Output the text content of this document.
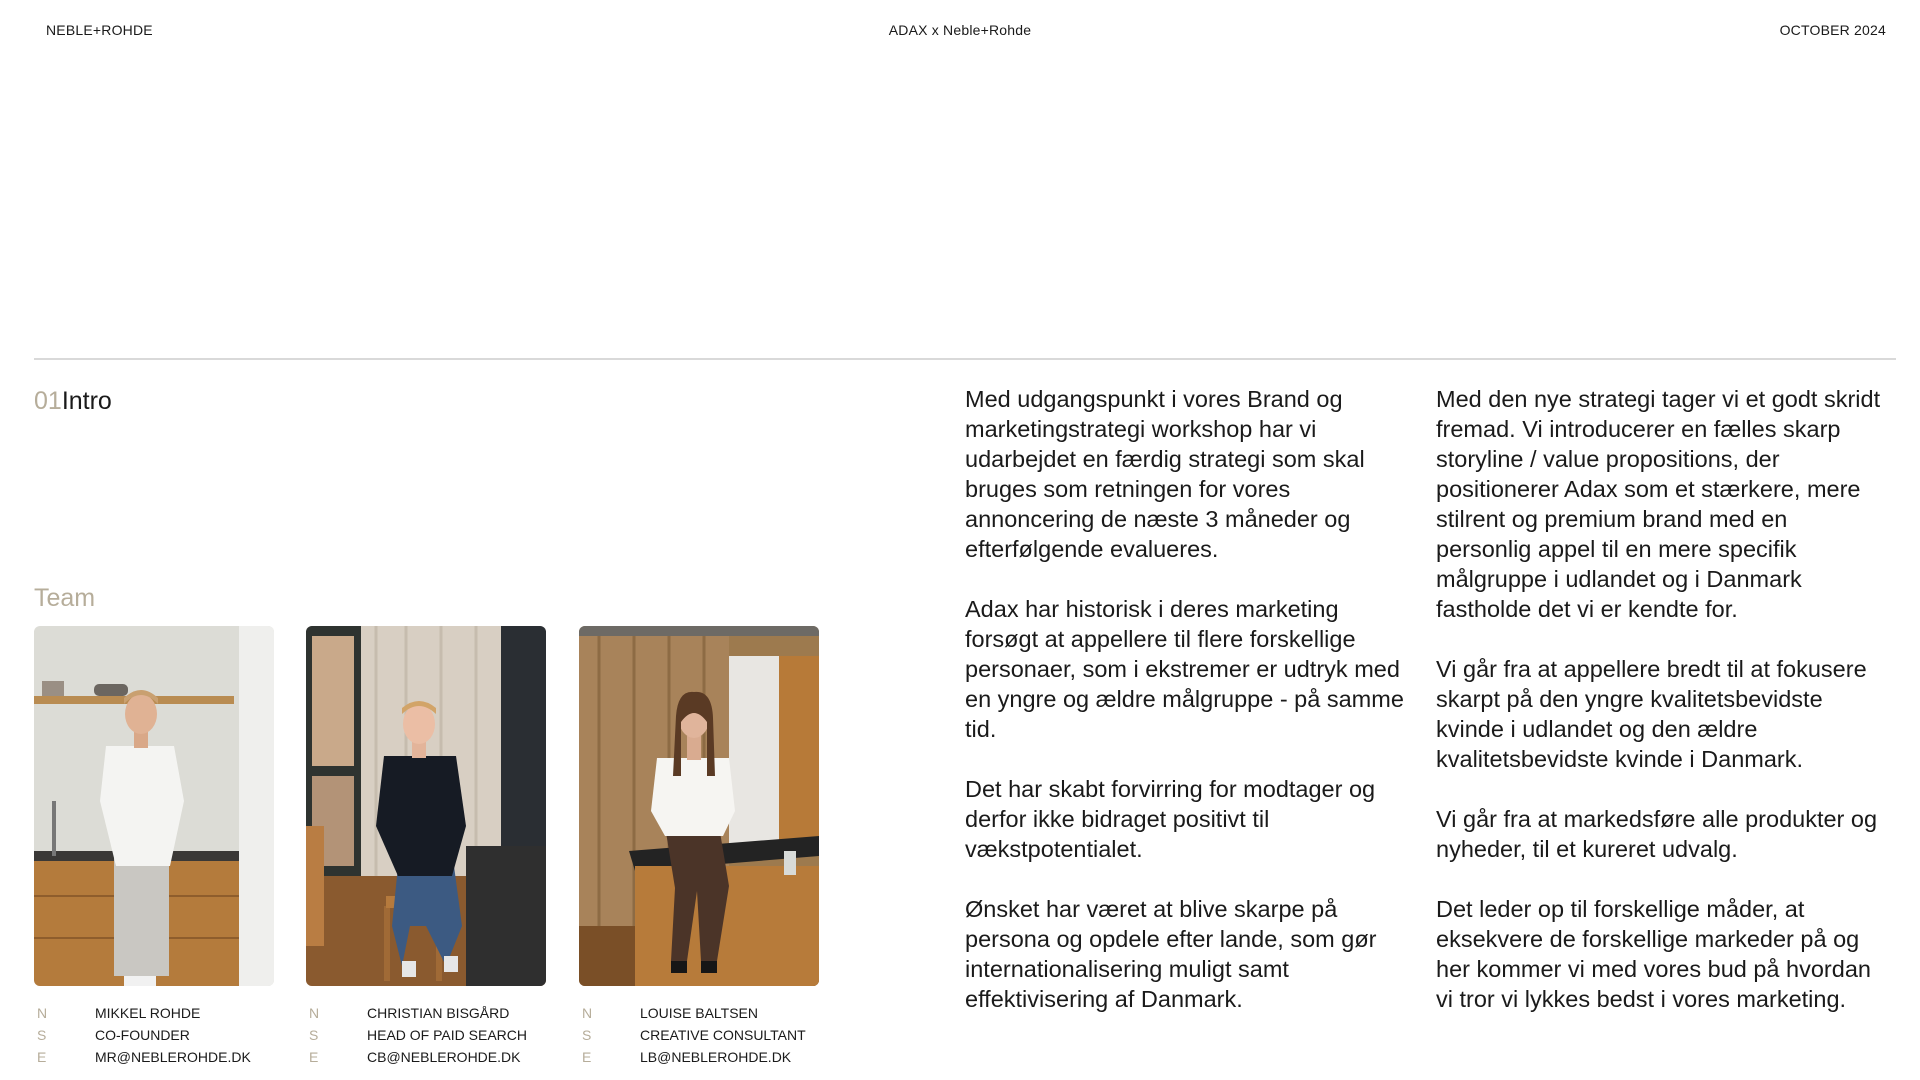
NEBLE+ROHDE	ADAX x Neble+Rohde	OCTOBER 2024
01Intro
Team
N	MIKKEL ROHDE
S	CO-FOUNDER
E	MR@NEBLEROHDE.DK
N	CHRISTIAN BISGÅRD
S	HEAD OF PAID SEARCH
E	CB@NEBLEROHDE.DK
N	LOUISE BALTSEN
S	CREATIVE CONSULTANT
E	LB@NEBLEROHDE.DK

Med udgangspunkt i vores Brand og marketingstrategi workshop har vi udarbejdet en færdig strategi som skal bruges som retningen for vores annoncering de næste 3 måneder og efterfølgende evalueres.

Adax har historisk i deres marketing forsøgt at appellere til flere forskellige personaer, som i ekstremer er udtryk med en yngre og ældre målgruppe - på samme tid.

Det har skabt forvirring for modtager og derfor ikke bidraget positivt til vækstpotentialet.

Ønsket har været at blive skarpe på persona og opdele efter lande, som gør internationalisering muligt samt effektivisering af Danmark.

Med den nye strategi tager vi et godt skridt fremad. Vi introducerer en fælles skarp storyline / value propositions, der positionerer Adax som et stærkere, mere stilrent og premium brand med en personlig appel til en mere specifik målgruppe i udlandet og i Danmark fastholde det vi er kendte for.

Vi går fra at appellere bredt til at fokusere skarpt på den yngre kvalitetsbevidste kvinde i udlandet og den ældre kvalitetsbevidste kvinde i Danmark.

Vi går fra at markedsføre alle produkter og nyheder, til et kureret udvalg.

Det leder op til forskellige måder, at eksekvere de forskellige markeder på og her kommer vi med vores bud på hvordan vi tror vi lykkes bedst i vores marketing.
